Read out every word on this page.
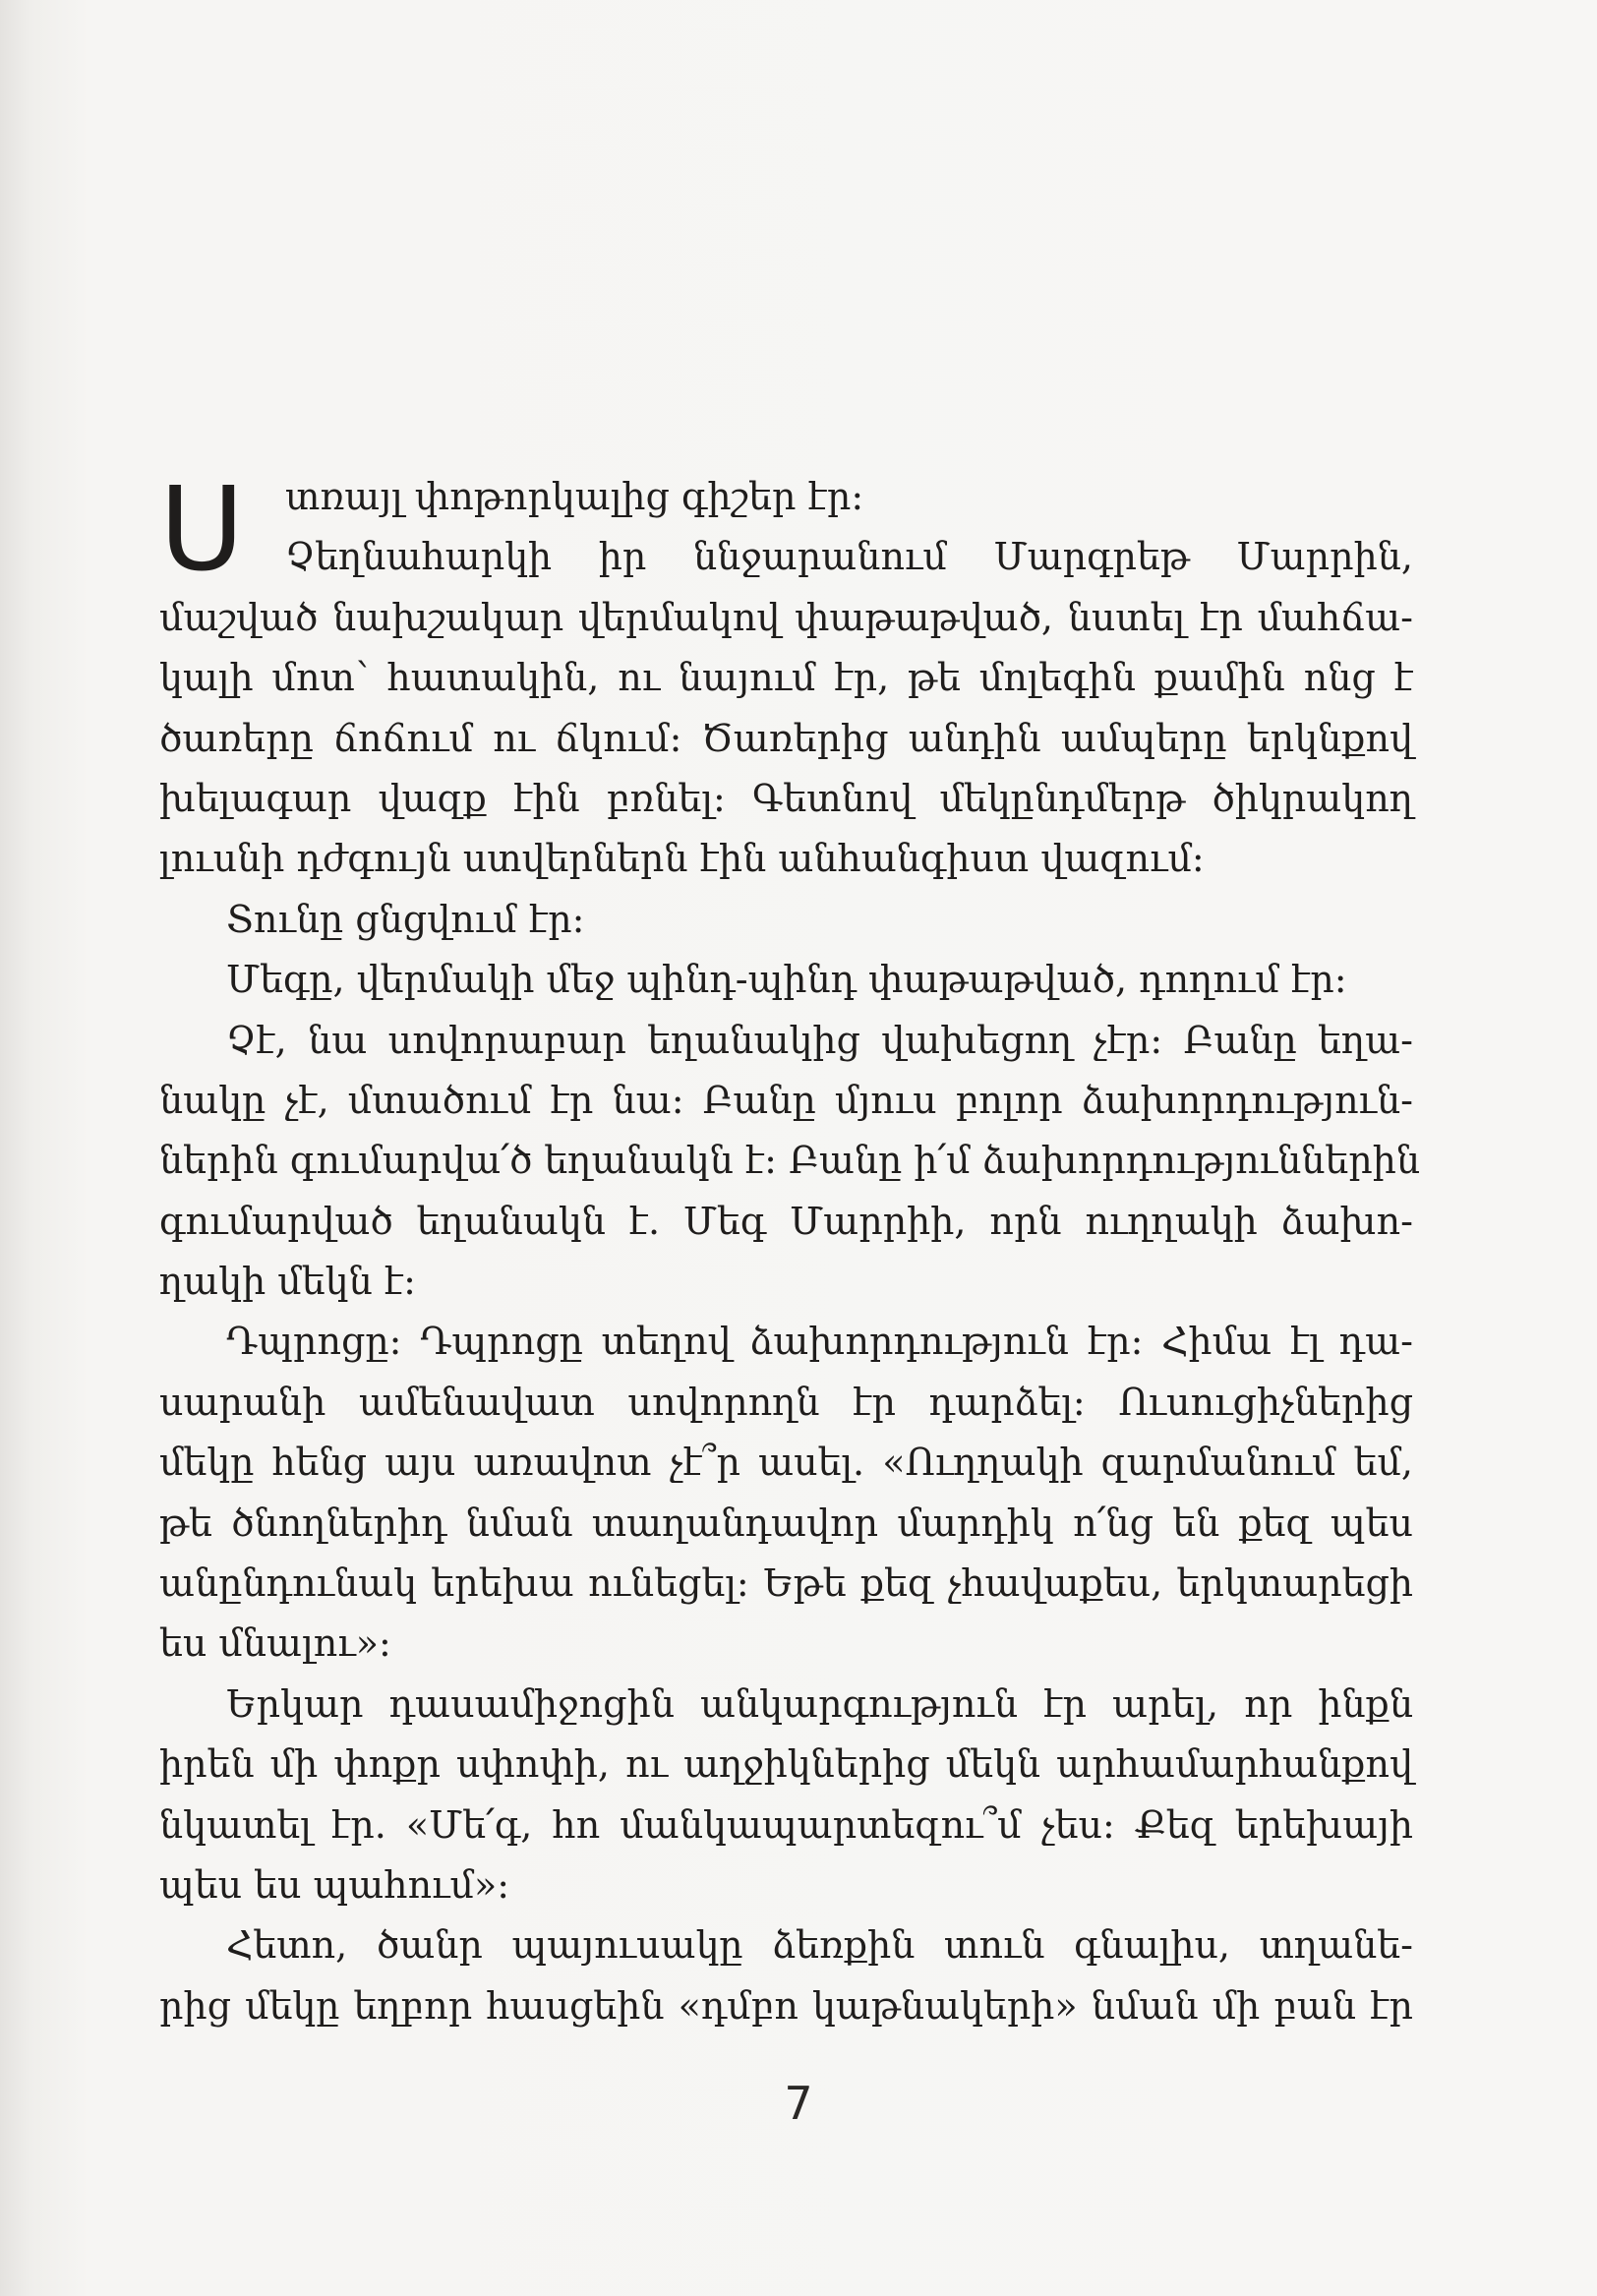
Ս	տռայլ փոթորկալից գիշեր էր:
Չեղնահարկի իր ննջարանում Մարգրեթ Մարրին,
մաշված նախշակար վերմակով փաթաթված, նստել էր մահճա-
կալի մոտ՝ հատակին, ու նայում էր, թե մոլեգին քամին ոնց է
ծառերը ճոճում ու ճկում: Ծառերից անդին ամպերը երկնքով
խելագար վազք էին բռնել: Գետնով մեկընդմերթ ծիկրակող
լուսնի դժգույն ստվերներն էին անհանգիստ վազում:
Տունը ցնցվում էր:
Մեգը, վերմակի մեջ պինդ-պինդ փաթաթված, դողում էր:
Չէ, նա սովորաբար եղանակից վախեցող չէր: Բանը եղա-
նակը չէ, մտածում էր նա: Բանը մյուս բոլոր ձախորդություն-
ներին գումարվա՛ծ եղանակն է: Բանը ի՛մ ձախորդություններին
գումարված եղանակն է. Մեգ Մարրիի, որն ուղղակի ձախո-
ղակի մեկն է:
Դպրոցը: Դպրոցը տեղով ձախորդություն էր: Հիմա էլ դա-
սարանի ամենավատ սովորողն էր դարձել: Ուսուցիչներից
մեկը հենց այս առավոտ չէ՞ր ասել. «Ուղղակի զարմանում եմ,
թե ծնողներիդ նման տաղանդավոր մարդիկ ո՛նց են քեզ պես
անընդունակ երեխա ունեցել: Եթե քեզ չհավաքես, երկտարեցի
ես մնալու»:
Երկար դասամիջոցին անկարգություն էր արել, որ ինքն
իրեն մի փոքր սփոփի, ու աղջիկներից մեկն արհամարհանքով
նկատել էր. «Մե՛գ, հո մանկապարտեզու՞մ չես: Քեզ երեխայի
պես ես պահում»:
Հետո, ծանր պայուսակը ձեռքին տուն գնալիս, տղանե-
րից մեկը եղբոր հասցեին «դմբո կաթնակերի» նման մի բան էր
7
